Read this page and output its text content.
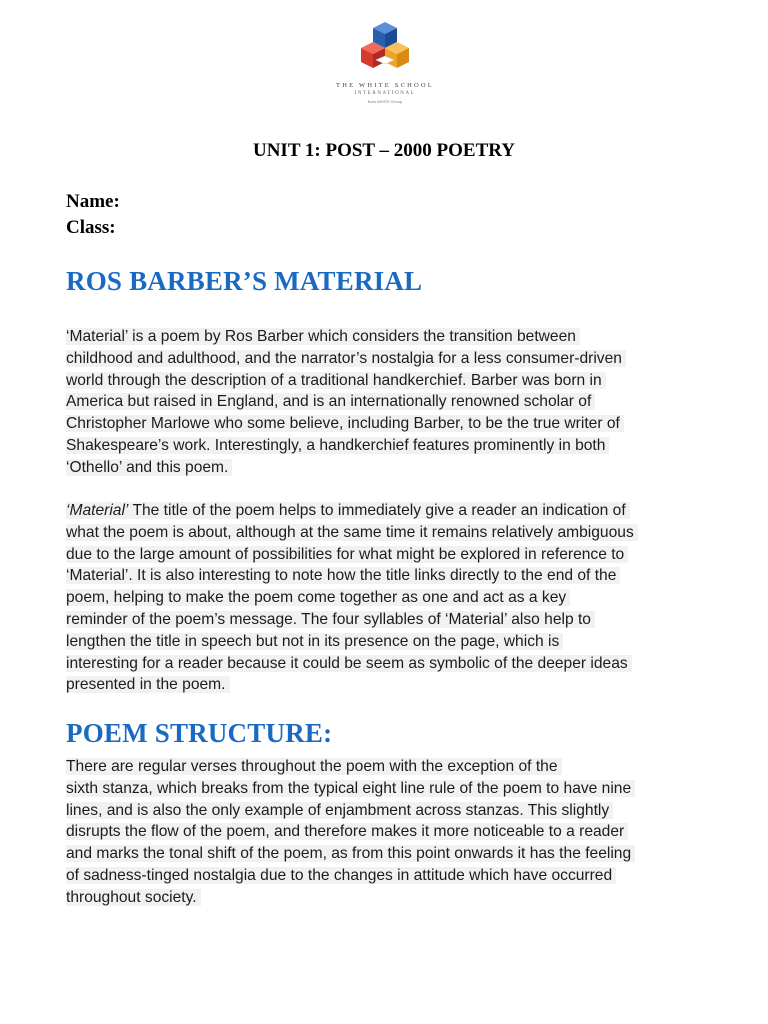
THE WHITE SCHOOL
INTERNATIONAL
from WHITE Group
UNIT 1: POST – 2000 POETRY
Name:
Class:
ROS BARBER’S MATERIAL
‘Material’ is a poem by Ros Barber which considers the transition between
childhood and adulthood, and the narrator’s nostalgia for a less consumer-driven
world through the description of a traditional handkerchief. Barber was born in
America but raised in England, and is an internationally renowned scholar of
Christopher Marlowe who some believe, including Barber, to be the true writer of
Shakespeare’s work. Interestingly, a handkerchief features prominently in both
‘Othello’ and this poem.
‘Material’ The title of the poem helps to immediately give a reader an indication of
what the poem is about, although at the same time it remains relatively ambiguous
due to the large amount of possibilities for what might be explored in reference to
‘Material’. It is also interesting to note how the title links directly to the end of the
poem, helping to make the poem come together as one and act as a key
reminder of the poem’s message. The four syllables of ‘Material’ also help to
lengthen the title in speech but not in its presence on the page, which is
interesting for a reader because it could be seem as symbolic of the deeper ideas
presented in the poem.
POEM STRUCTURE:
There are regular verses throughout the poem with the exception of the
sixth stanza, which breaks from the typical eight line rule of the poem to have nine
lines, and is also the only example of enjambment across stanzas. This slightly
disrupts the flow of the poem, and therefore makes it more noticeable to a reader
and marks the tonal shift of the poem, as from this point onwards it has the feeling
of sadness-tinged nostalgia due to the changes in attitude which have occurred
throughout society.
